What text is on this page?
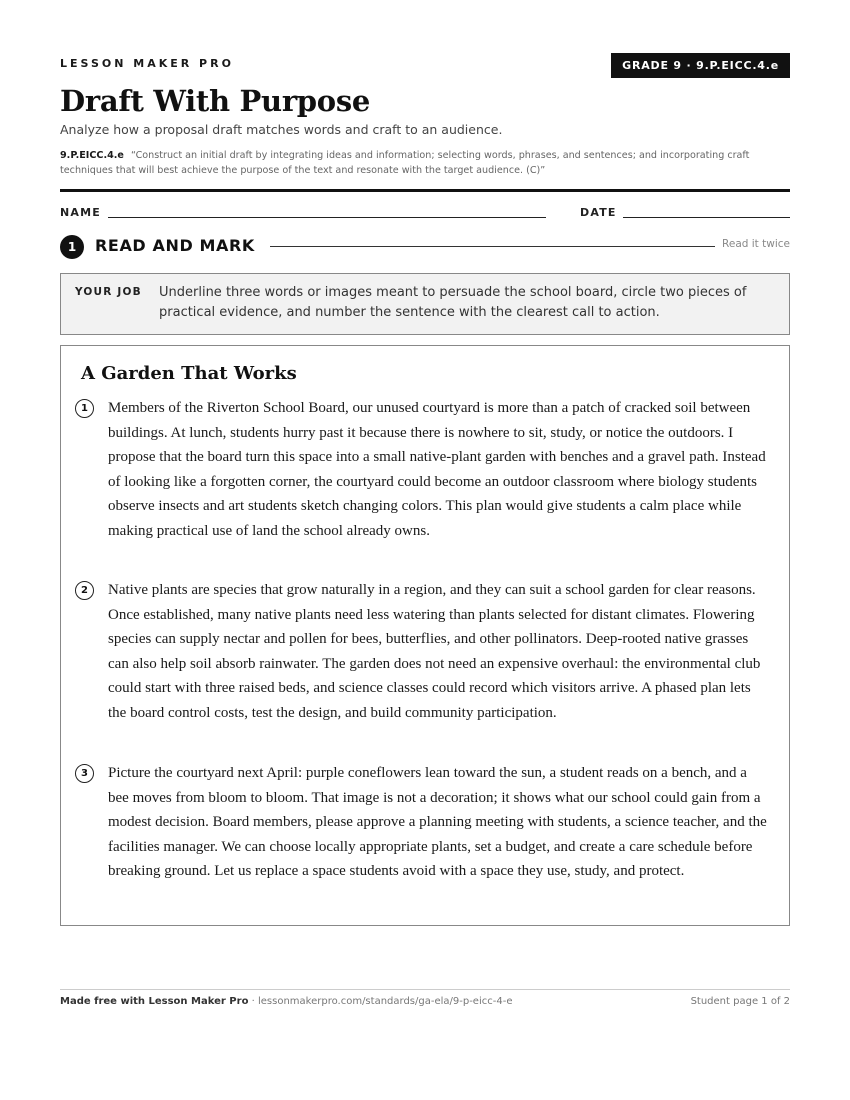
LESSON MAKER PRO	GRADE 9 · 9.P.EICC.4.e
Draft With Purpose
Analyze how a proposal draft matches words and craft to an audience.
9.P.EICC.4.e “Construct an initial draft by integrating ideas and information; selecting words, phrases, and sentences; and incorporating craft techniques that will best achieve the purpose of the text and resonate with the target audience. (C)”
NAME	DATE
1	READ AND MARK	Read it twice
YOUR JOB Underline three words or images meant to persuade the school board, circle two pieces of practical evidence, and number the sentence with the clearest call to action.
A Garden That Works
1	Members of the Riverton School Board, our unused courtyard is more than a patch of cracked soil between buildings. At lunch, students hurry past it because there is nowhere to sit, study, or notice the outdoors. I propose that the board turn this space into a small native-plant garden with benches and a gravel path. Instead of looking like a forgotten corner, the courtyard could become an outdoor classroom where biology students observe insects and art students sketch changing colors. This plan would give students a calm place while making practical use of land the school already owns.

2	Native plants are species that grow naturally in a region, and they can suit a school garden for clear reasons. Once established, many native plants need less watering than plants selected for distant climates. Flowering species can supply nectar and pollen for bees, butterflies, and other pollinators. Deep-rooted native grasses can also help soil absorb rainwater. The garden does not need an expensive overhaul: the environmental club could start with three raised beds, and science classes could record which visitors arrive. A phased plan lets the board control costs, test the design, and build community participation.

3	Picture the courtyard next April: purple coneflowers lean toward the sun, a student reads on a bench, and a bee moves from bloom to bloom. That image is not a decoration; it shows what our school could gain from a modest decision. Board members, please approve a planning meeting with students, a science teacher, and the facilities manager. We can choose locally appropriate plants, set a budget, and create a care schedule before breaking ground. Let us replace a space students avoid with a space they use, study, and protect.

Made free with Lesson Maker Pro · lessonmakerpro.com/standards/ga-ela/9-p-eicc-4-e	Student page 1 of 2
